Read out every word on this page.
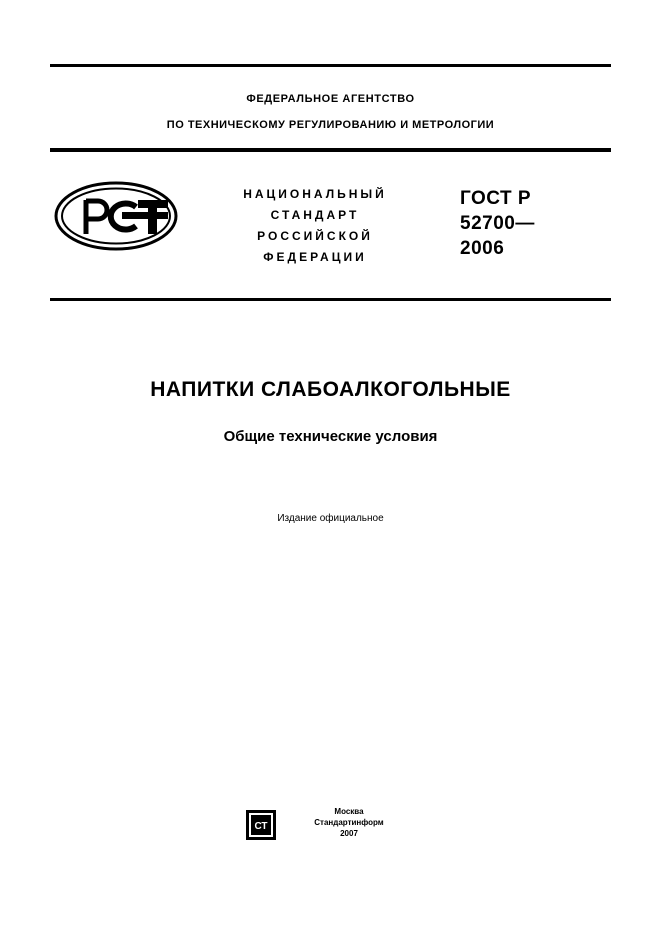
ФЕДЕРАЛЬНОЕ АГЕНТСТВО
ПО ТЕХНИЧЕСКОМУ РЕГУЛИРОВАНИЮ И МЕТРОЛОГИИ
НАЦИОНАЛЬНЫЙ
СТАНДАРТ
РОССИЙСКОЙ
ФЕДЕРАЦИИ
ГОСТ Р
52700—
2006
НАПИТКИ СЛАБОАЛКОГОЛЬНЫЕ
Общие технические условия
Издание официальное
СТ
Москва
Стандартинформ
2007
